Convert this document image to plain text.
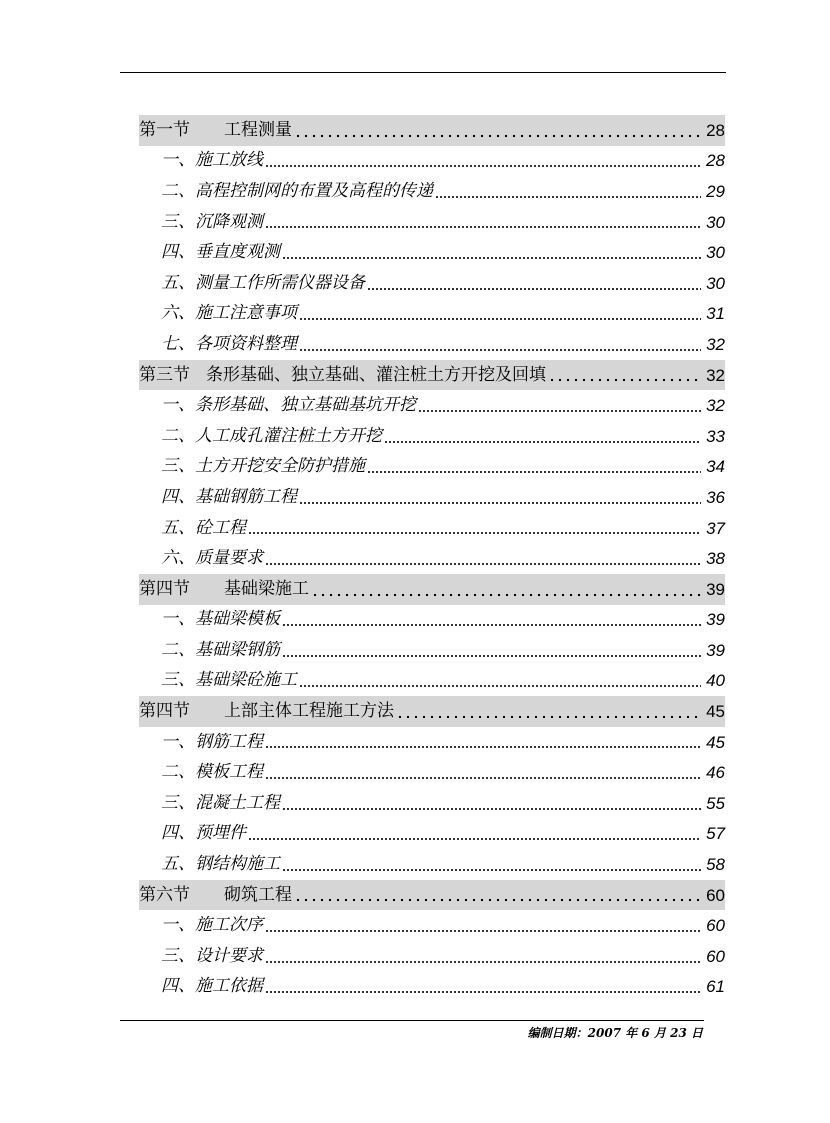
第一节 工程测量	28
一、施工放线	28
二、高程控制网的布置及高程的传递	29
三、沉降观测	30
四、垂直度观测	30
五、测量工作所需仪器设备	30
六、施工注意事项	31
七、各项资料整理	32
第三节 条形基础、独立基础、灌注桩土方开挖及回填	32
一、条形基础、独立基础基坑开挖	32
二、人工成孔灌注桩土方开挖	33
三、土方开挖安全防护措施	34
四、基础钢筋工程	36
五、砼工程	37
六、质量要求	38
第四节 基础梁施工	39
一、基础梁模板	39
二、基础梁钢筋	39
三、基础梁砼施工	40
第四节 上部主体工程施工方法	45
一、钢筋工程	45
二、模板工程	46
三、混凝土工程	55
四、预埋件	57
五、钢结构施工	58
第六节 砌筑工程	60
一、施工次序	60
三、设计要求	60
四、施工依据	61
编制日期：2007 年 6 月 23 日
